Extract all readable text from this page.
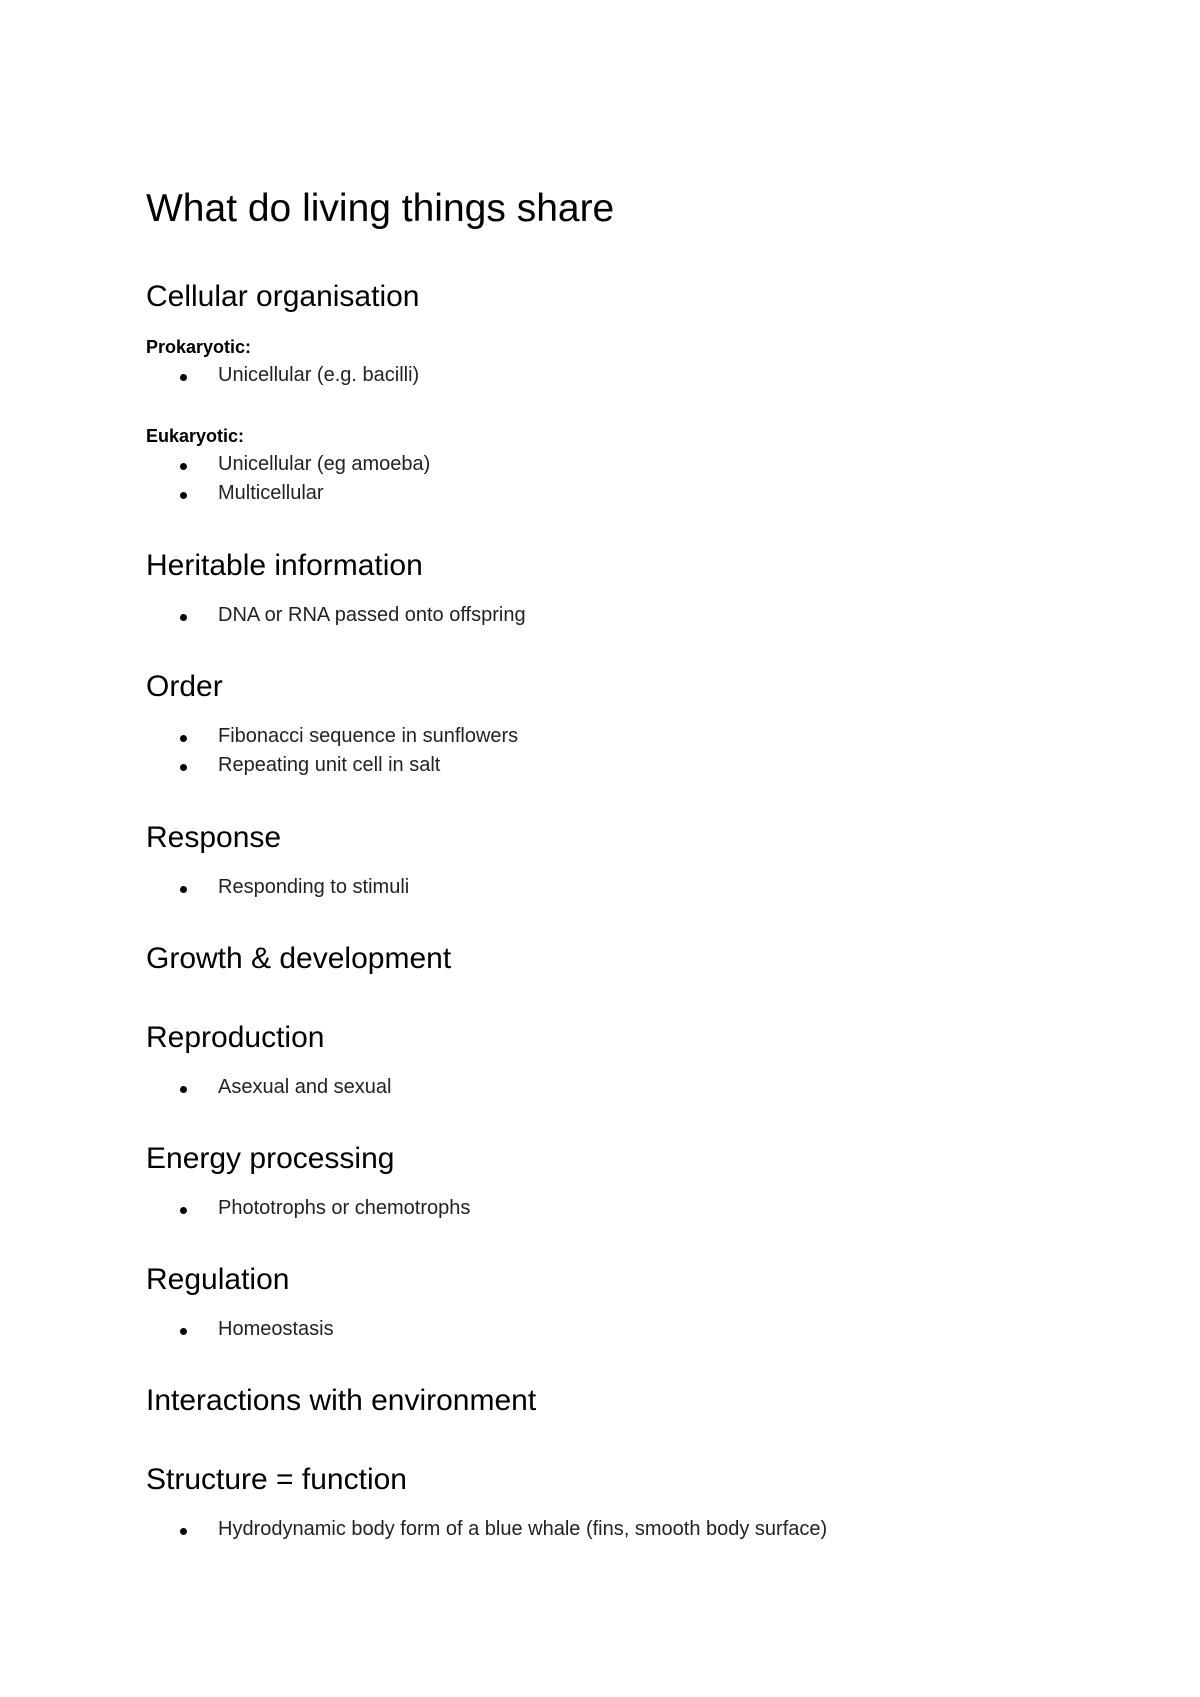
What do living things share
Cellular organisation
Prokaryotic:
Unicellular (e.g. bacilli)
Eukaryotic:
Unicellular (eg amoeba)
Multicellular
Heritable information
DNA or RNA passed onto offspring
Order
Fibonacci sequence in sunflowers
Repeating unit cell in salt
Response
Responding to stimuli
Growth & development
Reproduction
Asexual and sexual
Energy processing
Phototrophs or chemotrophs
Regulation
Homeostasis
Interactions with environment
Structure = function
Hydrodynamic body form of a blue whale (fins, smooth body surface)
